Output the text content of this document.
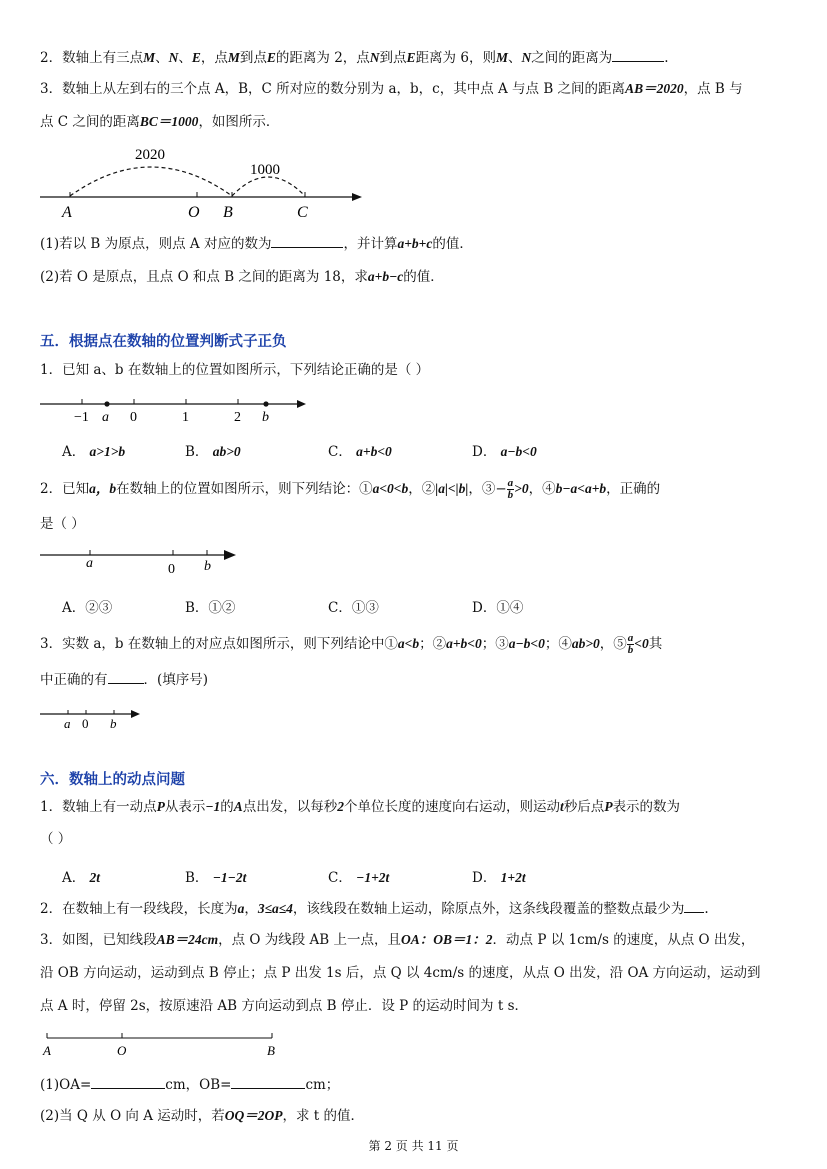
2．数轴上有三点M、N、E，点M到点E的距离为 2，点N到点E距离为 6，则M、N之间的距离为	.
3．数轴上从左到右的三个点 A，B，C 所对应的数分别为 a，b，c，其中点 A 与点 B 之间的距离AB＝2020，点 B 与
点 C 之间的距离BC＝1000，如图所示．
2020
1000
A	O B	C
(1)若以 B 为原点，则点 A 对应的数为	，并计算a+b+c的值．
(2)若 O 是原点，且点 O 和点 B 之间的距离为 18，求a+b−c的值．
五．根据点在数轴的位置判断式子正负
1．已知 a、b 在数轴上的位置如图所示，下列结论正确的是（ ）
−1 a 0	1	2 b
A． a>1>b	B． ab>0	C． a+b<0	D． a−b<0
2．已知a，b在数轴上的位置如图所示，则下列结论：①a<0<b，②|a|<|b|，③− $\frac{a}{b} >0$，④b−a<a+b，正确的
是（ ）
a	0 b
A．②③	B．①②	C．①③	D．①④
3．实数 a，b 在数轴上的对应点如图所示，则下列结论中①a<b；②a+b<0；③a−b<0；④ab>0，⑤ $\frac{a}{b} <0$其
中正确的有	．(填序号)
a 0 b
六．数轴上的动点问题
1．数轴上有一动点P从表示−1的A点出发，以每秒2个单位长度的速度向右运动，则运动t秒后点P表示的数为
（ ）
A． 2t	B． −1−2t	C． −1+2t	D． 1+2t
2．在数轴上有一段线段，长度为a，3≤a≤4，该线段在数轴上运动，除原点外，这条线段覆盖的整数点最少为 .
3．如图，已知线段AB＝24cm，点 O 为线段 AB 上一点，且OA：OB＝1：2．动点 P 以 1cm/s 的速度，从点 O 出发，
沿 OB 方向运动，运动到点 B 停止；点 P 出发 1s 后，点 Q 以 4cm/s 的速度，从点 O 出发，沿 OA 方向运动，运动到
点 A 时，停留 2s，按原速沿 AB 方向运动到点 B 停止．设 P 的运动时间为 t s．
A	O	B
(1)OA=	cm，OB=	cm；
(2)当 Q 从 O 向 A 运动时，若OQ＝2OP，求 t 的值．
第 2 页 共 11 页
